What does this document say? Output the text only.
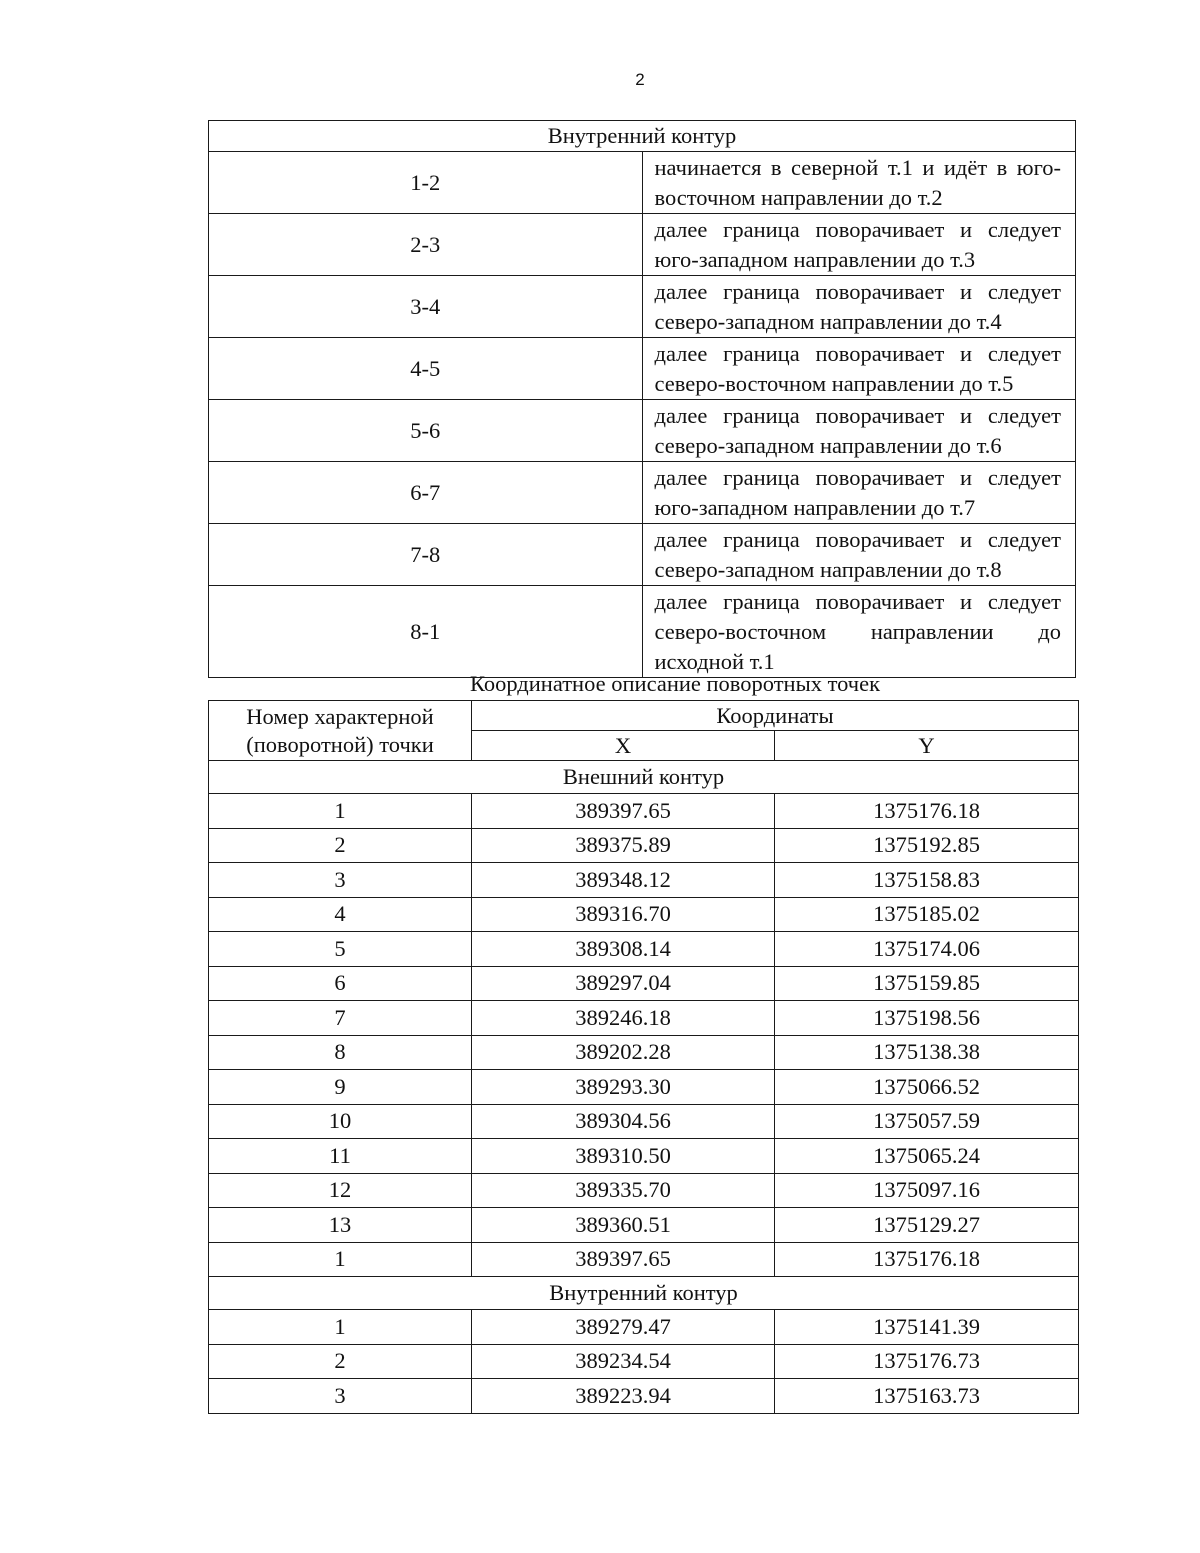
2
Внутренний контур	
1-2	начинается в северной т.1 и идёт в юго-восточном направлении до т.2
2-3	далее граница поворачивает и следует юго-западном направлении до т.3
3-4	далее граница поворачивает и следует северо-западном направлении до т.4
4-5	далее граница поворачивает и следует северо-восточном направлении до т.5
5-6	далее граница поворачивает и следует северо-западном направлении до т.6
6-7	далее граница поворачивает и следует юго-западном направлении до т.7
7-8	далее граница поворачивает и следует северо-западном направлении до т.8
8-1	далее граница поворачивает и следует северо-восточном направлении до исходной т.1
Координатное описание поворотных точек
Номер характерной (поворотной) точки	Координаты	
	X	Y
Внешний контур		
1	389397.65	1375176.18
2	389375.89	1375192.85
3	389348.12	1375158.83
4	389316.70	1375185.02
5	389308.14	1375174.06
6	389297.04	1375159.85
7	389246.18	1375198.56
8	389202.28	1375138.38
9	389293.30	1375066.52
10	389304.56	1375057.59
11	389310.50	1375065.24
12	389335.70	1375097.16
13	389360.51	1375129.27
1	389397.65	1375176.18
Внутренний контур		
1	389279.47	1375141.39
2	389234.54	1375176.73
3	389223.94	1375163.73
